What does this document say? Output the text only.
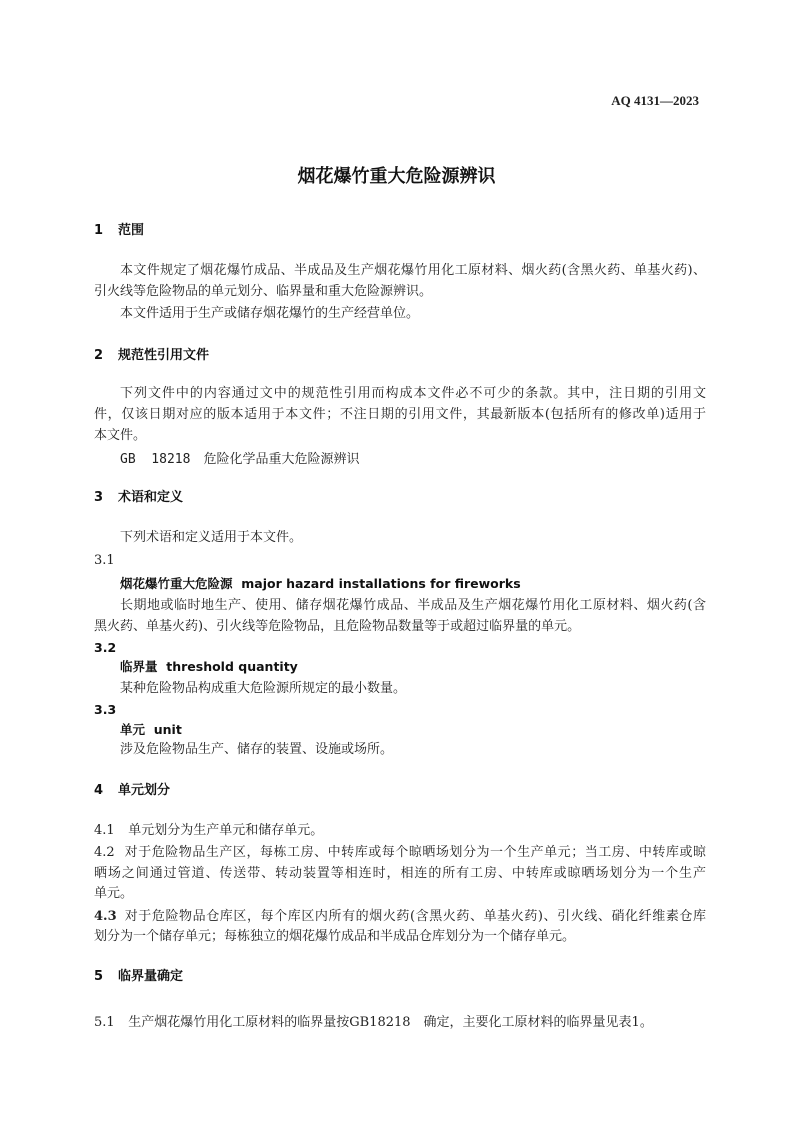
AQ 4131—2023
烟花爆竹重大危险源辨识
1 范围
本文件规定了烟花爆竹成品、半成品及生产烟花爆竹用化工原材料、烟火药(含黑火药、单基火药)、
引火线等危险物品的单元划分、临界量和重大危险源辨识。
本文件适用于生产或储存烟花爆竹的生产经营单位。
2 规范性引用文件
下列文件中的内容通过文中的规范性引用而构成本文件必不可少的条款。其中，注日期的引用文
件，仅该日期对应的版本适用于本文件；不注日期的引用文件，其最新版本(包括所有的修改单)适用于
本文件。
GB  18218　 危险化学品重大危险源辨识
3 术语和定义
下列术语和定义适用于本文件。
3.1
烟花爆竹重大危险源 major hazard installations for fireworks
长期地或临时地生产、使用、储存烟花爆竹成品、半成品及生产烟花爆竹用化工原材料、烟火药(含
黑火药、单基火药)、引火线等危险物品，且危险物品数量等于或超过临界量的单元。
3.2
临界量 threshold quantity
某种危险物品构成重大危险源所规定的最小数量。
3.3
单元 unit
涉及危险物品生产、储存的装置、设施或场所。
4 单元划分
4.1 单元划分为生产单元和储存单元。
4.2 对于危险物品生产区，每栋工房、中转库或每个晾晒场划分为一个生产单元；当工房、中转库或晾
晒场之间通过管道、传送带、转动装置等相连时，相连的所有工房、中转库或晾晒场划分为一个生产
单元。
4.3 对于危险物品仓库区，每个库区内所有的烟火药(含黑火药、单基火药)、引火线、硝化纤维素仓库
划分为一个储存单元；每栋独立的烟花爆竹成品和半成品仓库划分为一个储存单元。
5 临界量确定
5.1 生产烟花爆竹用化工原材料的临界量按GB18218　确定，主要化工原材料的临界量见表1。
